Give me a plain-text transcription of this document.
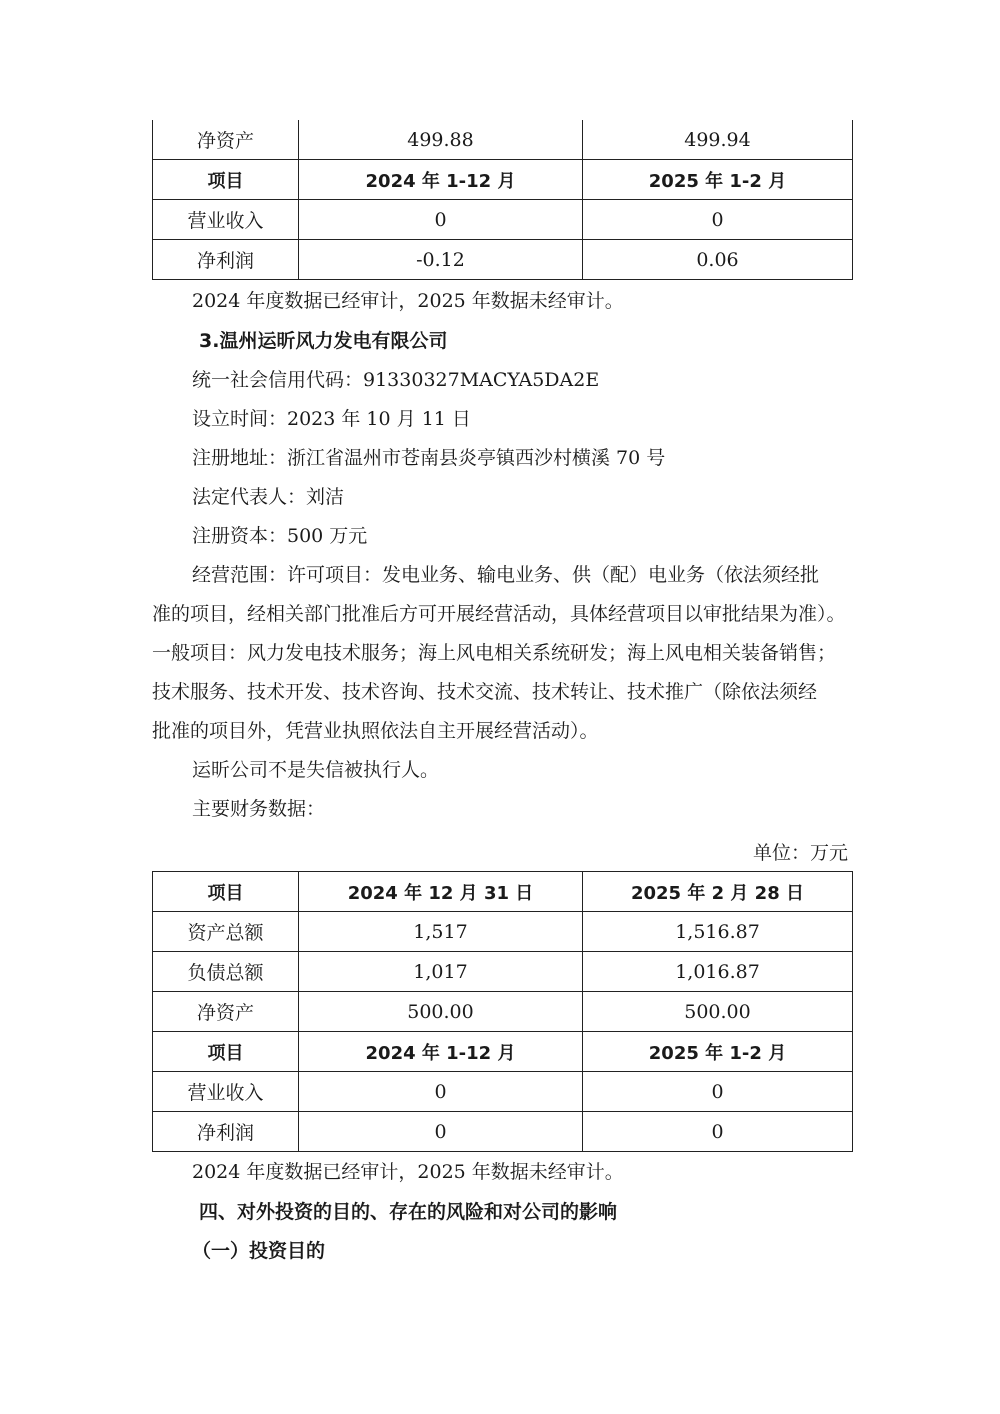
净资产	499.88	499.94
项目	2024 年 1-12 月	2025 年 1-2 月
营业收入	0	0
净利润	-0.12	0.06
2024 年度数据已经审计，2025 年数据未经审计。
3.温州运昕风力发电有限公司
统一社会信用代码：91330327MACYA5DA2E
设立时间：2023 年 10 月 11 日
注册地址：浙江省温州市苍南县炎亭镇西沙村横溪 70 号
法定代表人：刘洁
注册资本：500 万元
经营范围：许可项目：发电业务、输电业务、供（配）电业务（依法须经批
准的项目，经相关部门批准后方可开展经营活动，具体经营项目以审批结果为准）。
一般项目：风力发电技术服务；海上风电相关系统研发；海上风电相关装备销售；
技术服务、技术开发、技术咨询、技术交流、技术转让、技术推广（除依法须经
批准的项目外，凭营业执照依法自主开展经营活动）。
运昕公司不是失信被执行人。
主要财务数据：
单位：万元
项目	2024 年 12 月 31 日	2025 年 2 月 28 日
资产总额	1,517	1,516.87
负债总额	1,017	1,016.87
净资产	500.00	500.00
项目	2024 年 1-12 月	2025 年 1-2 月
营业收入	0	0
净利润	0	0
2024 年度数据已经审计，2025 年数据未经审计。
四、对外投资的目的、存在的风险和对公司的影响
（一）投资目的
